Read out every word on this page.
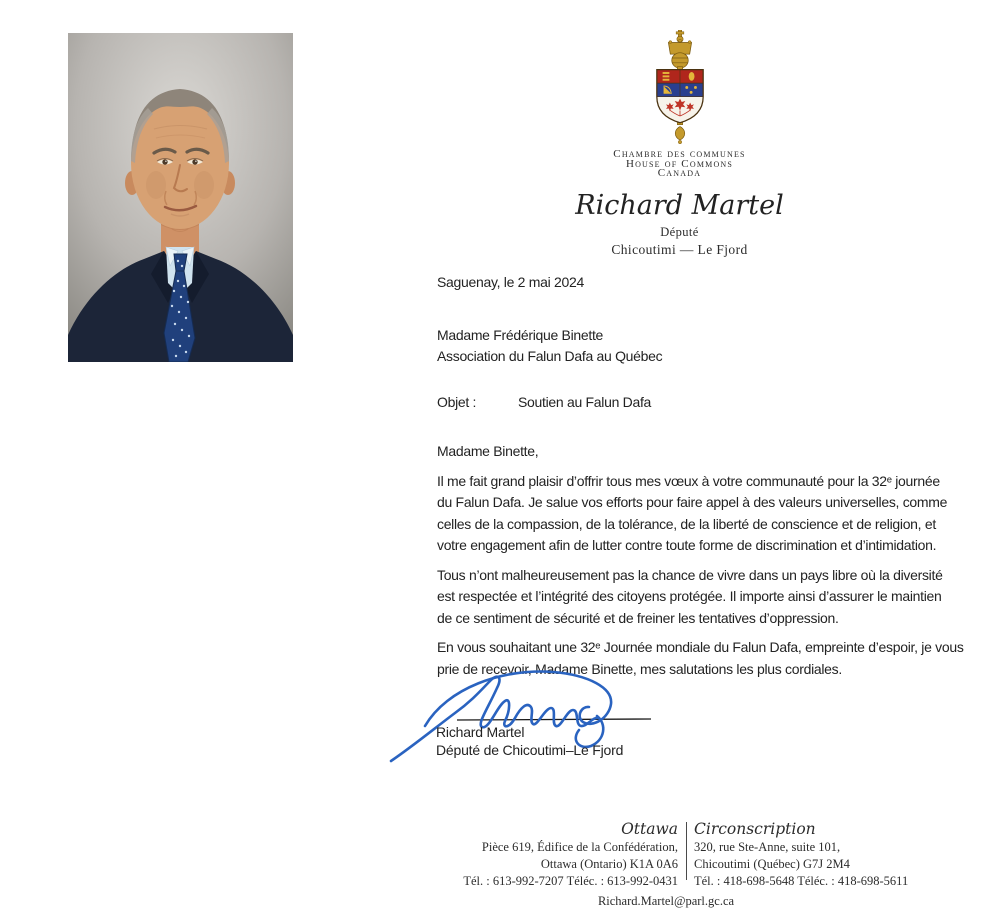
Chambre des communes
House of Commons
Canada
Richard Martel
Député
Chicoutimi — Le Fjord
Saguenay, le 2 mai 2024
Madame Frédérique Binette
Association du Falun Dafa au Québec
Objet :	Soutien au Falun Dafa
Madame Binette,

Il me fait grand plaisir d’offrir tous mes vœux à votre communauté pour la 32ᵉ journée
du Falun Dafa. Je salue vos efforts pour faire appel à des valeurs universelles, comme
celles de la compassion, de la tolérance, de la liberté de conscience et de religion, et
votre engagement afin de lutter contre toute forme de discrimination et d’intimidation.

Tous n’ont malheureusement pas la chance de vivre dans un pays libre où la diversité
est respectée et l’intégrité des citoyens protégée. Il importe ainsi d’assurer le maintien
de ce sentiment de sécurité et de freiner les tentatives d’oppression.

En vous souhaitant une 32ᵉ Journée mondiale du Falun Dafa, empreinte d’espoir, je vous
prie de recevoir, Madame Binette, mes salutations les plus cordiales.

Richard Martel
Député de Chicoutimi–Le Fjord
Ottawa
Pièce 619, Édifice de la Confédération,
Ottawa (Ontario) K1A 0A6
Tél. : 613-992-7207 Téléc. : 613-992-0431
Circonscription
320, rue Ste-Anne, suite 101,
Chicoutimi (Québec) G7J 2M4
Tél. : 418-698-5648 Téléc. : 418-698-5611
Richard.Martel@parl.gc.ca
